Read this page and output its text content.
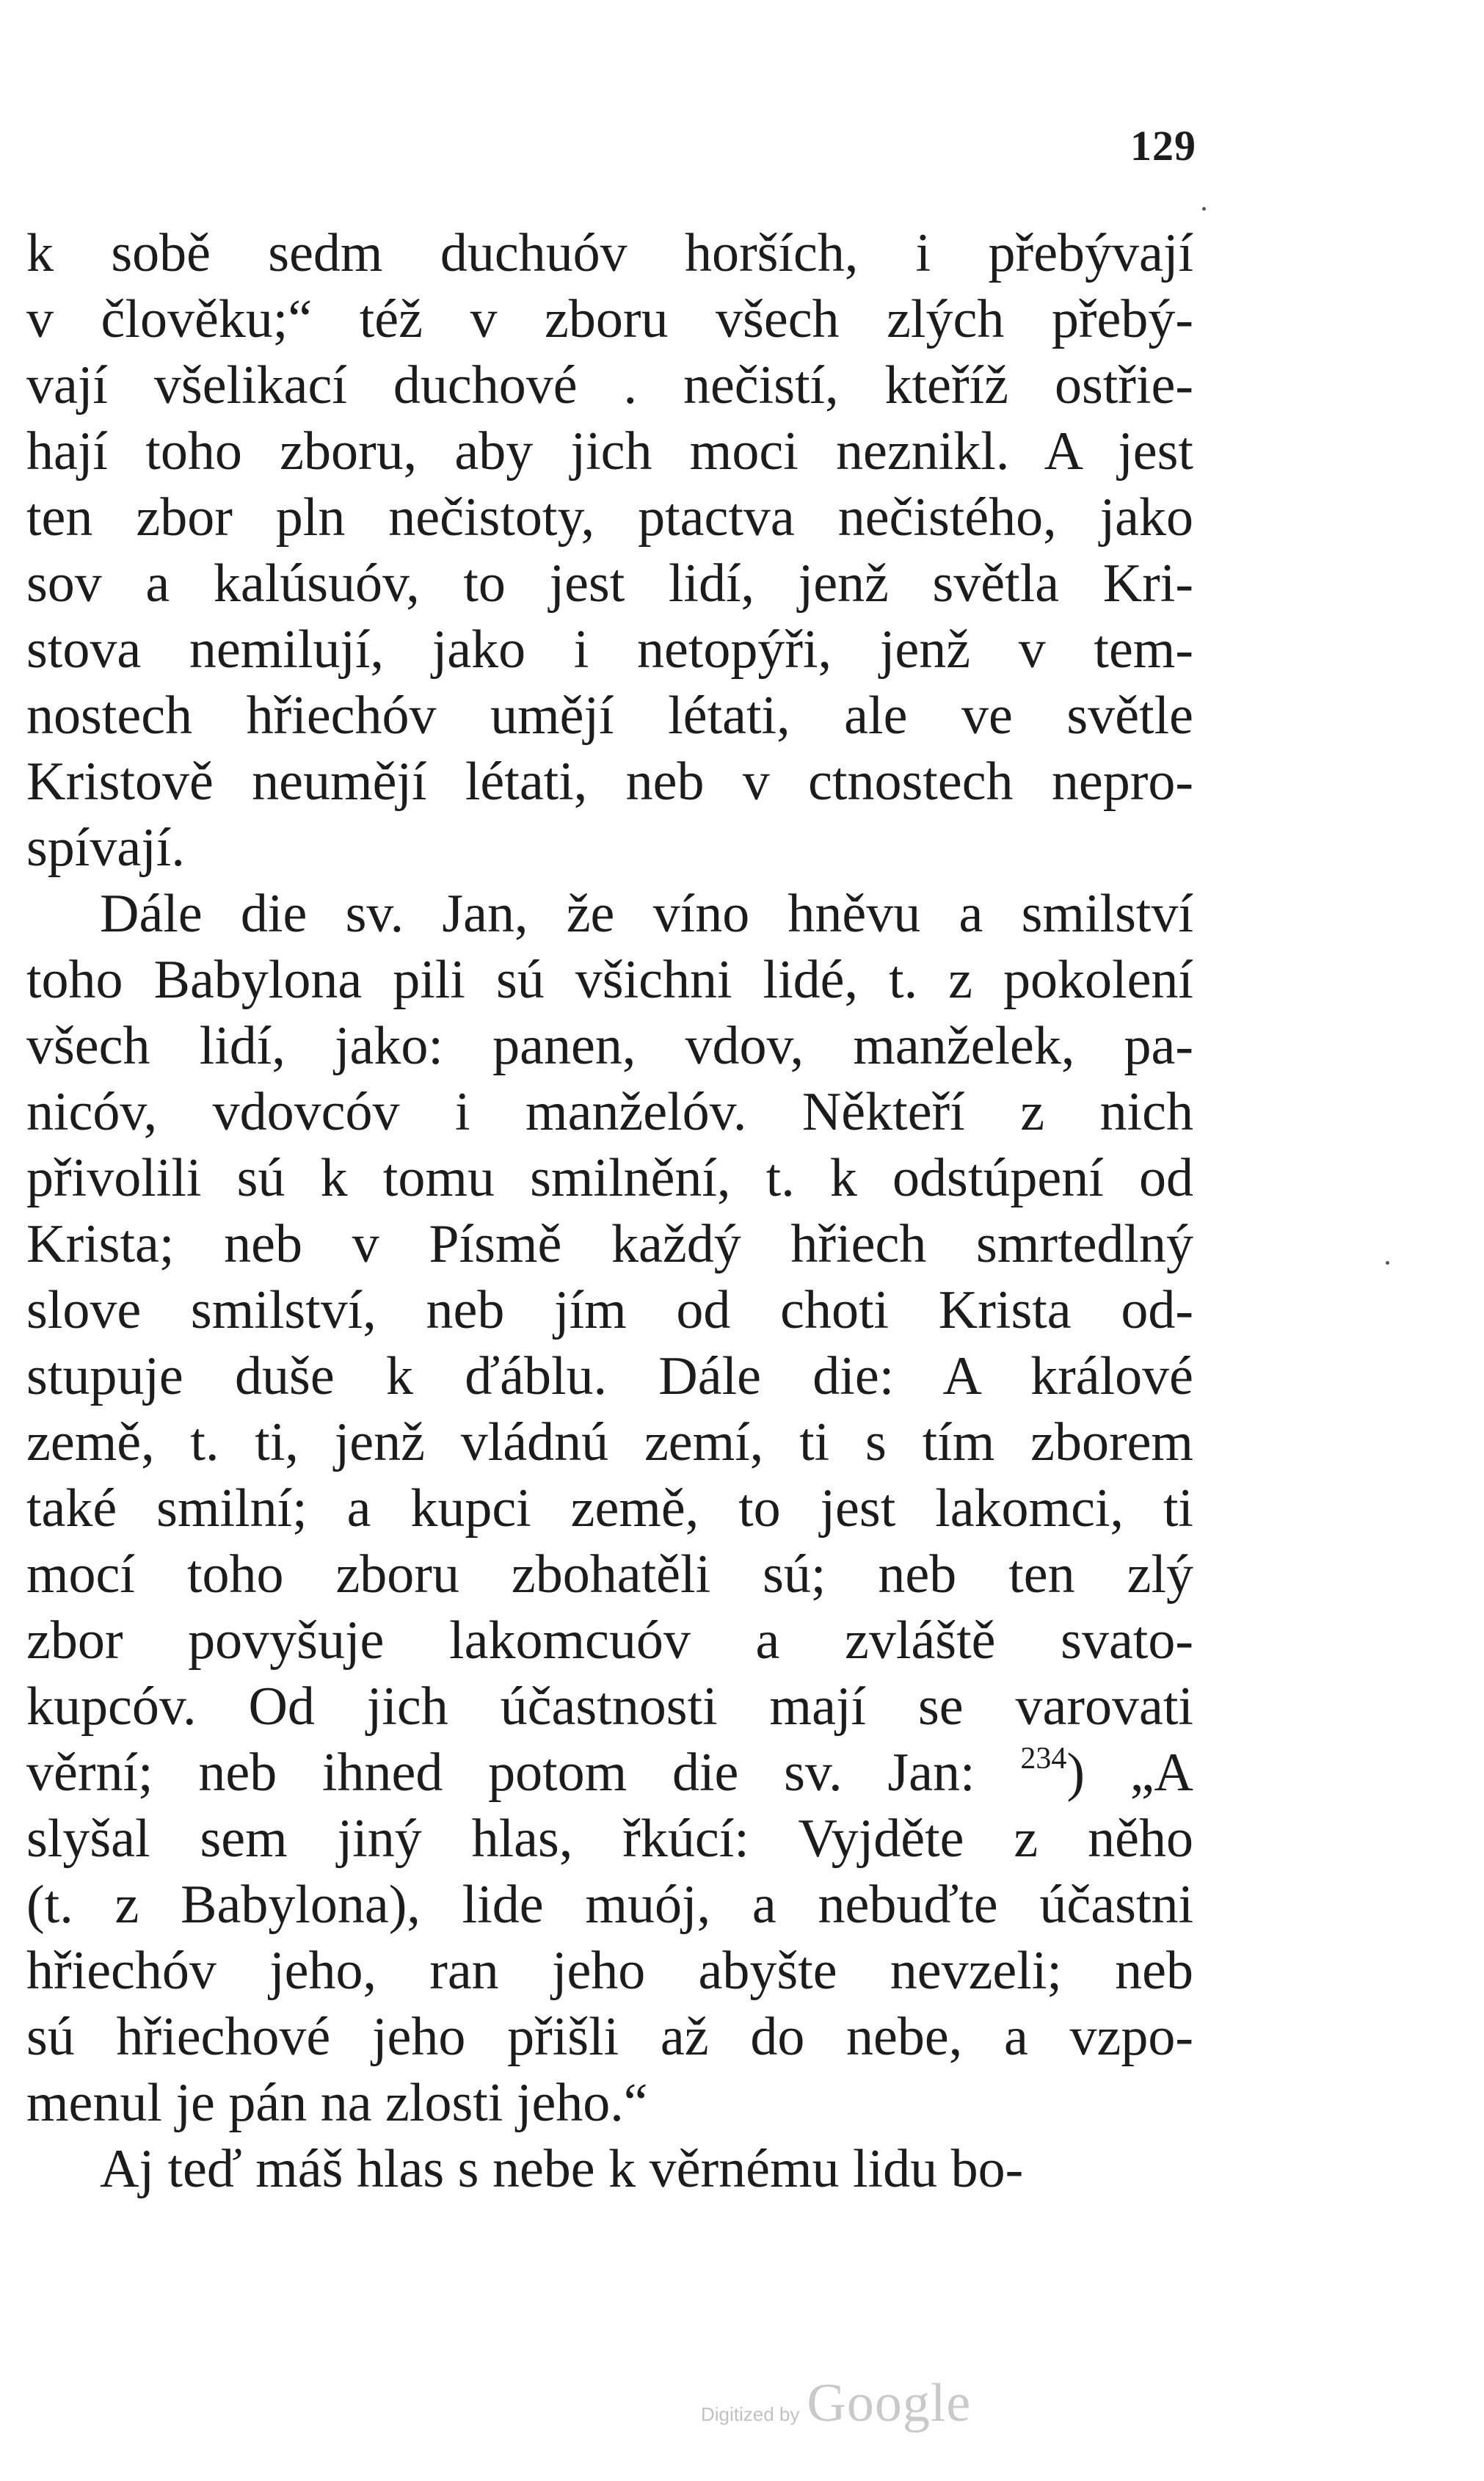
129
k sobě sedm duchuóv horších, i přebývají
v člověku;“ též v zboru všech zlých přebý-
vají všelikací duchové . nečistí, kteříž ostřie-
hají toho zboru, aby jich moci neznikl. A jest
ten zbor pln nečistoty, ptactva nečistého, jako
sov a kalúsuóv, to jest lidí, jenž světla Kri-
stova nemilují, jako i netopýři, jenž v tem-
nostech hřiechóv umějí létati, ale ve světle
Kristově neumějí létati, neb v ctnostech nepro-
spívají.
Dále die sv. Jan, že víno hněvu a smilství
toho Babylona pili sú všichni lidé, t. z pokolení
všech lidí, jako: panen, vdov, manželek, pa-
nicóv, vdovcóv i manželóv. Někteří z nich
přivolili sú k tomu smilnění, t. k odstúpení od
Krista; neb v Písmě každý hřiech smrtedlný
slove smilství, neb jím od choti Krista od-
stupuje duše k ďáblu. Dále die: A králové
země, t. ti, jenž vládnú zemí, ti s tím zborem
také smilní; a kupci země, to jest lakomci, ti
mocí toho zboru zbohatěli sú; neb ten zlý
zbor povyšuje lakomcuóv a zvláště svato-
kupcóv. Od jich účastnosti mají se varovati
věrní; neb ihned potom die sv. Jan: $^{234}$) „A
slyšal sem jiný hlas, řkúcí: Vyjděte z něho
(t. z Babylona), lide muój, a nebuďte účastni
hřiechóv jeho, ran jeho abyšte nevzeli; neb
sú hřiechové jeho přišli až do nebe, a vzpo-
menul je pán na zlosti jeho.“
Aj teď máš hlas s nebe k věrnému lidu bo-
Digitized by Google
